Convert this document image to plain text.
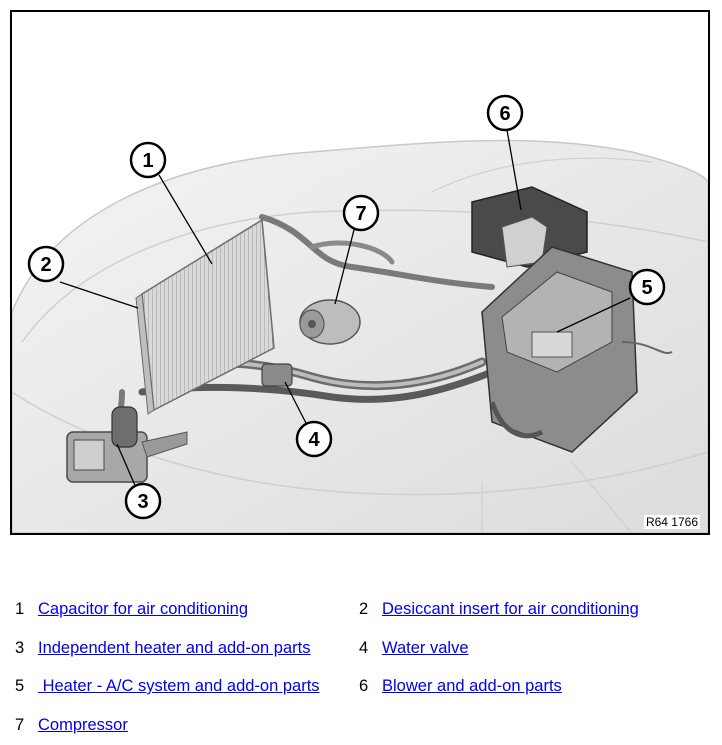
1
2
3
4
5
6
7
R64 1766
1 Capacitor for air conditioning	2 Desiccant insert for air conditioning
3 Independent heater and add-on parts	4 Water valve
5 Heater - A/C system and add-on parts 6 Blower and add-on parts
7 Compressor
